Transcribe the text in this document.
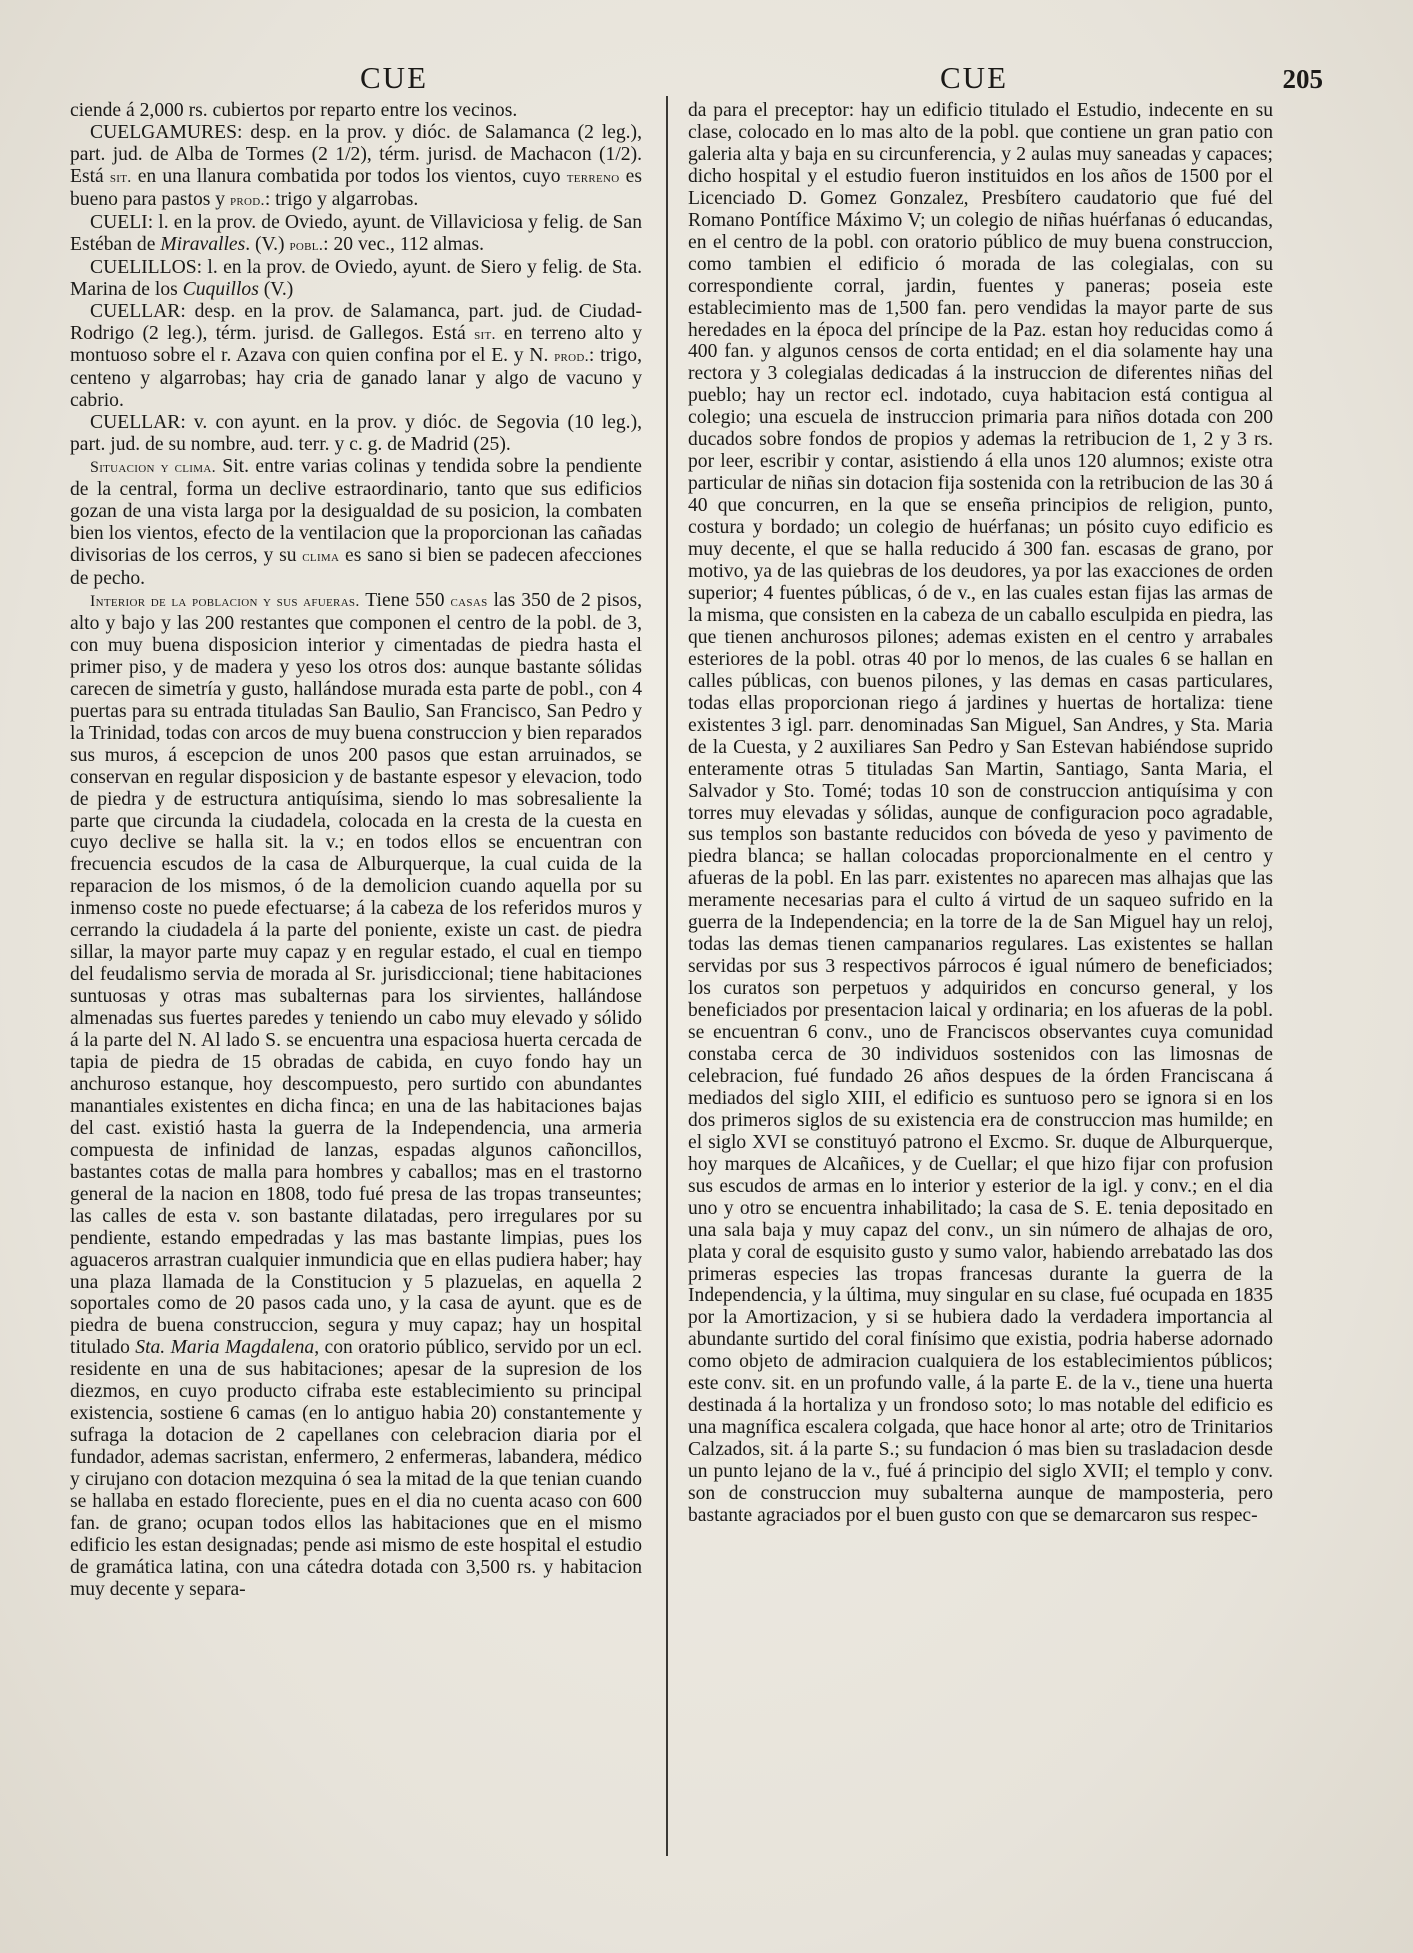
CUE	CUE	205

ciende á 2,000 rs. cubiertos por reparto entre los vecinos.

CUELGAMURES: desp. en la prov. y dióc. de Salamanca (2 leg.), part. jud. de Alba de Tormes (2 1/2), térm. jurisd. de Machacon (1/2). Está sit. en una llanura combatida por todos los vientos, cuyo terreno es bueno para pastos y prod.: trigo y algarrobas.

CUELI: l. en la prov. de Oviedo, ayunt. de Villaviciosa y felig. de San Estéban de Miravalles. (V.) pobl.: 20 vec., 112 almas.

CUELILLOS: l. en la prov. de Oviedo, ayunt. de Siero y felig. de Sta. Marina de los Cuquillos (V.)

CUELLAR: desp. en la prov. de Salamanca, part. jud. de Ciudad-Rodrigo (2 leg.), térm. jurisd. de Gallegos. Está sit. en terreno alto y montuoso sobre el r. Azava con quien confina por el E. y N. prod.: trigo, centeno y algarrobas; hay cria de ganado lanar y algo de vacuno y cabrio.

CUELLAR: v. con ayunt. en la prov. y dióc. de Segovia (10 leg.), part. jud. de su nombre, aud. terr. y c. g. de Madrid (25).

Situacion y clima. Sit. entre varias colinas y tendida sobre la pendiente de la central, forma un declive estraordinario, tanto que sus edificios gozan de una vista larga por la desigualdad de su posicion, la combaten bien los vientos, efecto de la ventilacion que la proporcionan las cañadas divisorias de los cerros, y su clima es sano si bien se padecen afecciones de pecho.

Interior de la poblacion y sus afueras. Tiene 550 casas las 350 de 2 pisos, alto y bajo y las 200 restantes que componen el centro de la pobl. de 3, con muy buena disposicion interior y cimentadas de piedra hasta el primer piso, y de madera y yeso los otros dos: aunque bastante sólidas carecen de simetría y gusto, hallándose murada esta parte de pobl., con 4 puertas para su entrada tituladas San Baulio, San Francisco, San Pedro y la Trinidad, todas con arcos de muy buena construccion y bien reparados sus muros, á escepcion de unos 200 pasos que estan arruinados, se conservan en regular disposicion y de bastante espesor y elevacion, todo de piedra y de estructura antiquísima, siendo lo mas sobresaliente la parte que circunda la ciudadela, colocada en la cresta de la cuesta en cuyo declive se halla sit. la v.; en todos ellos se encuentran con frecuencia escudos de la casa de Alburquerque, la cual cuida de la reparacion de los mismos, ó de la demolicion cuando aquella por su inmenso coste no puede efectuarse; á la cabeza de los referidos muros y cerrando la ciudadela á la parte del poniente, existe un cast. de piedra sillar, la mayor parte muy capaz y en regular estado, el cual en tiempo del feudalismo servia de morada al Sr. jurisdiccional; tiene habitaciones suntuosas y otras mas subalternas para los sirvientes, hallándose almenadas sus fuertes paredes y teniendo un cabo muy elevado y sólido á la parte del N. Al lado S. se encuentra una espaciosa huerta cercada de tapia de piedra de 15 obradas de cabida, en cuyo fondo hay un anchuroso estanque, hoy descompuesto, pero surtido con abundantes manantiales existentes en dicha finca; en una de las habitaciones bajas del cast. existió hasta la guerra de la Independencia, una armeria compuesta de infinidad de lanzas, espadas algunos cañoncillos, bastantes cotas de malla para hombres y caballos; mas en el trastorno general de la nacion en 1808, todo fué presa de las tropas transeuntes; las calles de esta v. son bastante dilatadas, pero irregulares por su pendiente, estando empedradas y las mas bastante limpias, pues los aguaceros arrastran cualquier inmundicia que en ellas pudiera haber; hay una plaza llamada de la Constitucion y 5 plazuelas, en aquella 2 soportales como de 20 pasos cada uno, y la casa de ayunt. que es de piedra de buena construccion, segura y muy capaz; hay un hospital titulado Sta. Maria Magdalena, con oratorio público, servido por un ecl. residente en una de sus habitaciones; apesar de la supresion de los diezmos, en cuyo producto cifraba este establecimiento su principal existencia, sostiene 6 camas (en lo antiguo habia 20) constantemente y sufraga la dotacion de 2 capellanes con celebracion diaria por el fundador, ademas sacristan, enfermero, 2 enfermeras, labandera, médico y cirujano con dotacion mezquina ó sea la mitad de la que tenian cuando se hallaba en estado floreciente, pues en el dia no cuenta acaso con 600 fan. de grano; ocupan todos ellos las habitaciones que en el mismo edificio les estan designadas; pende asi mismo de este hospital el estudio de gramática latina, con una cátedra dotada con 3,500 rs. y habitacion muy decente y separa-

da para el preceptor: hay un edificio titulado el Estudio, indecente en su clase, colocado en lo mas alto de la pobl. que contiene un gran patio con galeria alta y baja en su circunferencia, y 2 aulas muy saneadas y capaces; dicho hospital y el estudio fueron instituidos en los años de 1500 por el Licenciado D. Gomez Gonzalez, Presbítero caudatorio que fué del Romano Pontífice Máximo V; un colegio de niñas huérfanas ó educandas, en el centro de la pobl. con oratorio público de muy buena construccion, como tambien el edificio ó morada de las colegialas, con su correspondiente corral, jardin, fuentes y paneras; poseia este establecimiento mas de 1,500 fan. pero vendidas la mayor parte de sus heredades en la época del príncipe de la Paz. estan hoy reducidas como á 400 fan. y algunos censos de corta entidad; en el dia solamente hay una rectora y 3 colegialas dedicadas á la instruccion de diferentes niñas del pueblo; hay un rector ecl. indotado, cuya habitacion está contigua al colegio; una escuela de instruccion primaria para niños dotada con 200 ducados sobre fondos de propios y ademas la retribucion de 1, 2 y 3 rs. por leer, escribir y contar, asistiendo á ella unos 120 alumnos; existe otra particular de niñas sin dotacion fija sostenida con la retribucion de las 30 á 40 que concurren, en la que se enseña principios de religion, punto, costura y bordado; un colegio de huérfanas; un pósito cuyo edificio es muy decente, el que se halla reducido á 300 fan. escasas de grano, por motivo, ya de las quiebras de los deudores, ya por las exacciones de orden superior; 4 fuentes públicas, ó de v., en las cuales estan fijas las armas de la misma, que consisten en la cabeza de un caballo esculpida en piedra, las que tienen anchurosos pilones; ademas existen en el centro y arrabales esteriores de la pobl. otras 40 por lo menos, de las cuales 6 se hallan en calles públicas, con buenos pilones, y las demas en casas particulares, todas ellas proporcionan riego á jardines y huertas de hortaliza: tiene existentes 3 igl. parr. denominadas San Miguel, San Andres, y Sta. Maria de la Cuesta, y 2 auxiliares San Pedro y San Estevan habiéndose suprido enteramente otras 5 tituladas San Martin, Santiago, Santa Maria, el Salvador y Sto. Tomé; todas 10 son de construccion antiquísima y con torres muy elevadas y sólidas, aunque de configuracion poco agradable, sus templos son bastante reducidos con bóveda de yeso y pavimento de piedra blanca; se hallan colocadas proporcionalmente en el centro y afueras de la pobl. En las parr. existentes no aparecen mas alhajas que las meramente necesarias para el culto á virtud de un saqueo sufrido en la guerra de la Independencia; en la torre de la de San Miguel hay un reloj, todas las demas tienen campanarios regulares. Las existentes se hallan servidas por sus 3 respectivos párrocos é igual número de beneficiados; los curatos son perpetuos y adquiridos en concurso general, y los beneficiados por presentacion laical y ordinaria; en los afueras de la pobl. se encuentran 6 conv., uno de Franciscos observantes cuya comunidad constaba cerca de 30 individuos sostenidos con las limosnas de celebracion, fué fundado 26 años despues de la órden Franciscana á mediados del siglo XIII, el edificio es suntuoso pero se ignora si en los dos primeros siglos de su existencia era de construccion mas humilde; en el siglo XVI se constituyó patrono el Excmo. Sr. duque de Alburquerque, hoy marques de Alcañices, y de Cuellar; el que hizo fijar con profusion sus escudos de armas en lo interior y esterior de la igl. y conv.; en el dia uno y otro se encuentra inhabilitado; la casa de S. E. tenia depositado en una sala baja y muy capaz del conv., un sin número de alhajas de oro, plata y coral de esquisito gusto y sumo valor, habiendo arrebatado las dos primeras especies las tropas francesas durante la guerra de la Independencia, y la última, muy singular en su clase, fué ocupada en 1835 por la Amortizacion, y si se hubiera dado la verdadera importancia al abundante surtido del coral finísimo que existia, podria haberse adornado como objeto de admiracion cualquiera de los establecimientos públicos; este conv. sit. en un profundo valle, á la parte E. de la v., tiene una huerta destinada á la hortaliza y un frondoso soto; lo mas notable del edificio es una magnífica escalera colgada, que hace honor al arte; otro de Trinitarios Calzados, sit. á la parte S.; su fundacion ó mas bien su trasladacion desde un punto lejano de la v., fué á principio del siglo XVII; el templo y conv. son de construccion muy subalterna aunque de mamposteria, pero bastante agraciados por el buen gusto con que se demarcaron sus respec-
